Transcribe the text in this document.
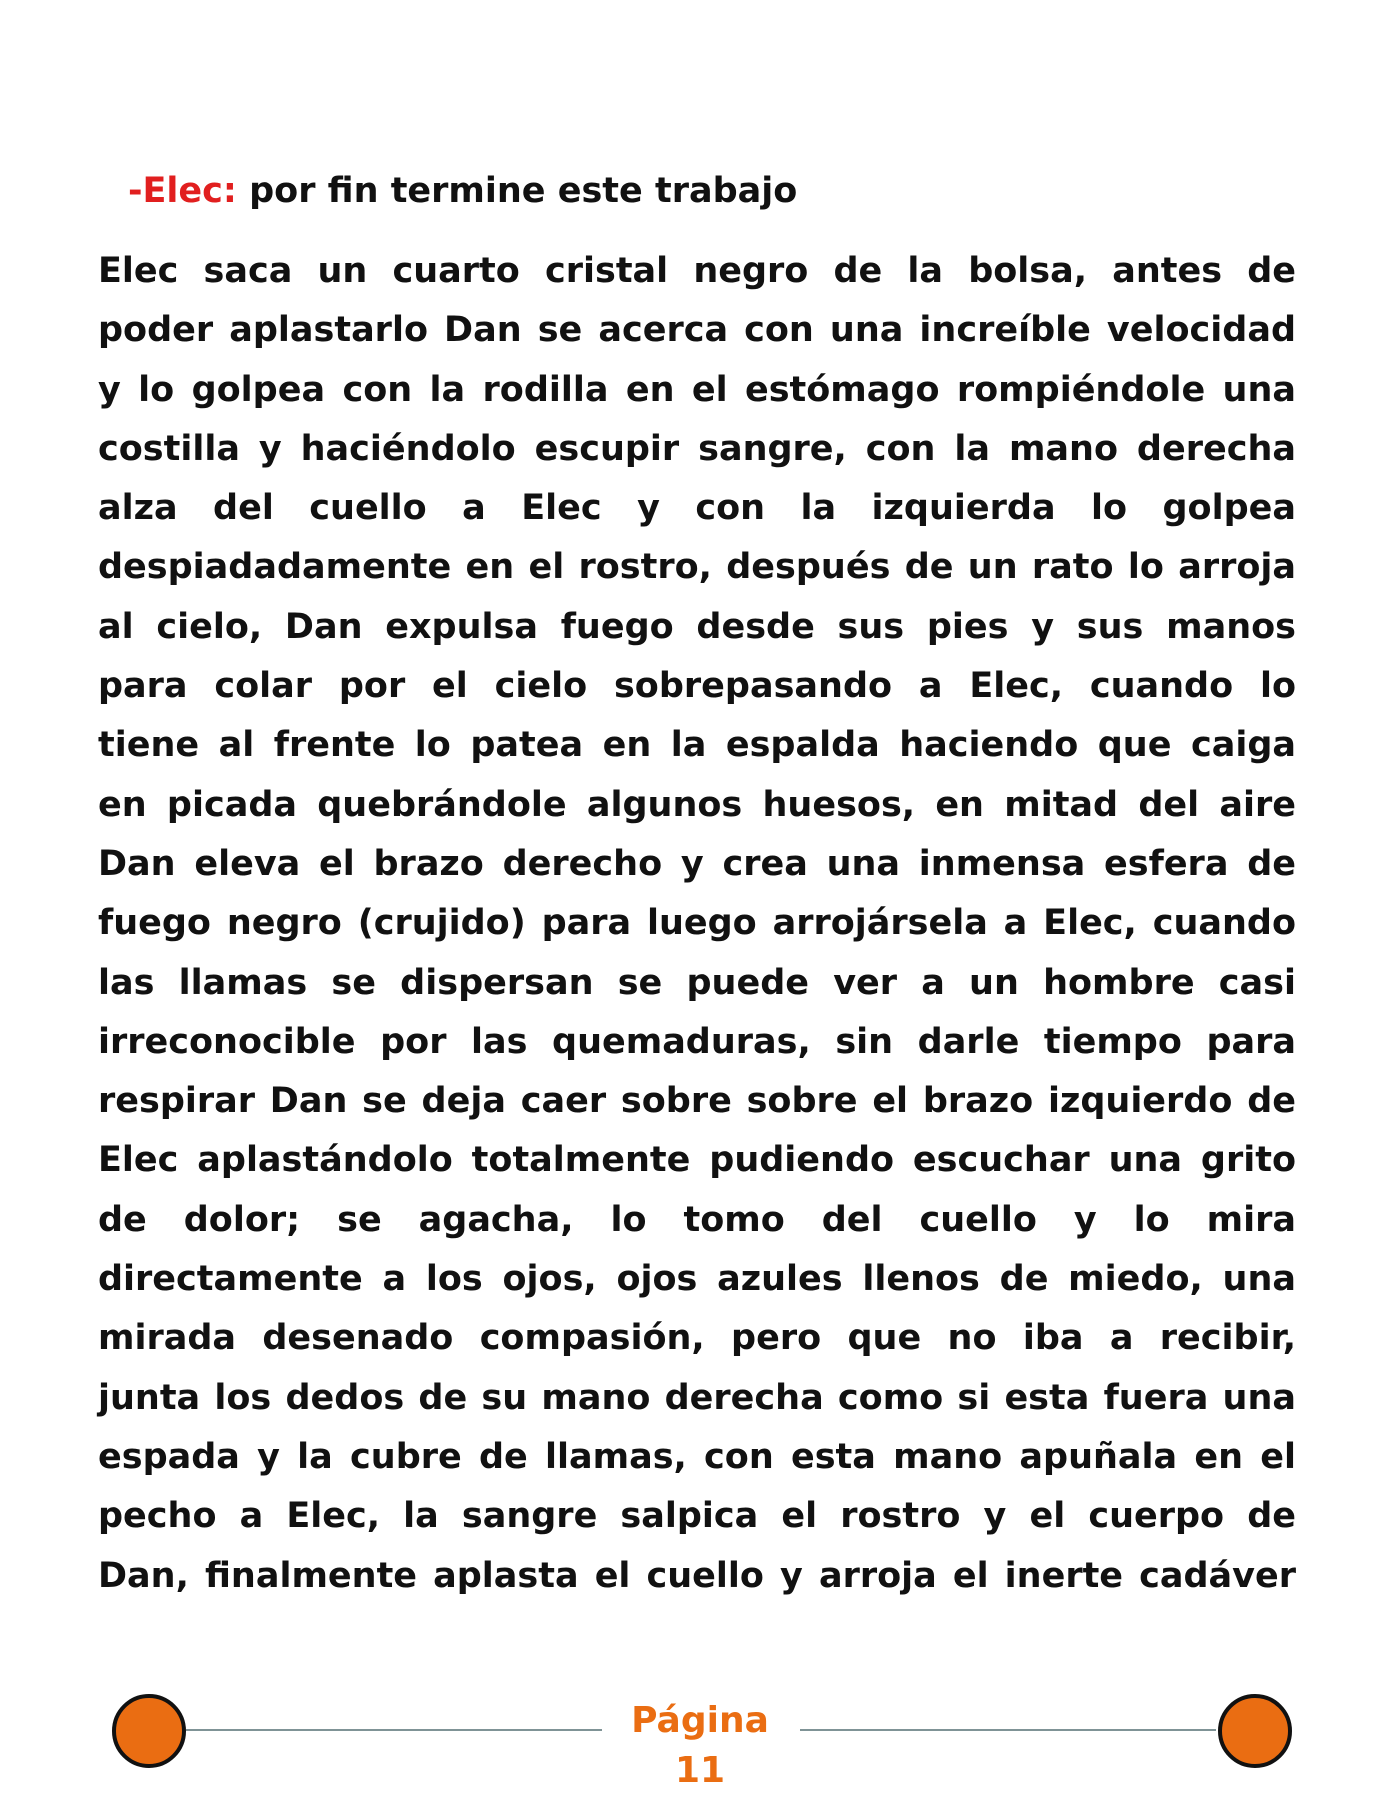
-Elec: por fin termine este trabajo

Elec saca un cuarto cristal negro de la bolsa, antes de poder aplastarlo Dan se acerca con una increíble velocidad y lo golpea con la rodilla en el estómago rompiéndole una costilla y haciéndolo escupir sangre, con la mano derecha alza del cuello a Elec y con la izquierda lo golpea despiadadamente en el rostro, después de un rato lo arroja al cielo, Dan expulsa fuego desde sus pies y sus manos para colar por el cielo sobrepasando a Elec, cuando lo tiene al frente lo patea en la espalda haciendo que caiga en picada quebrándole algunos huesos, en mitad del aire Dan eleva el brazo derecho y crea una inmensa esfera de fuego negro (crujido) para luego arrojársela a Elec, cuando las llamas se dispersan se puede ver a un hombre casi irreconocible por las quemaduras, sin darle tiempo para respirar Dan se deja caer sobre sobre el brazo izquierdo de Elec aplastándolo totalmente pudiendo escuchar una grito de dolor; se agacha, lo tomo del cuello y lo mira directamente a los ojos, ojos azules llenos de miedo, una mirada desenado compasión, pero que no iba a recibir, junta los dedos de su mano derecha como si esta fuera una espada y la cubre de llamas, con esta mano apuñala en el pecho a Elec, la sangre salpica el rostro y el cuerpo de Dan, finalmente aplasta el cuello y arroja el inerte cadáver

Página
11
